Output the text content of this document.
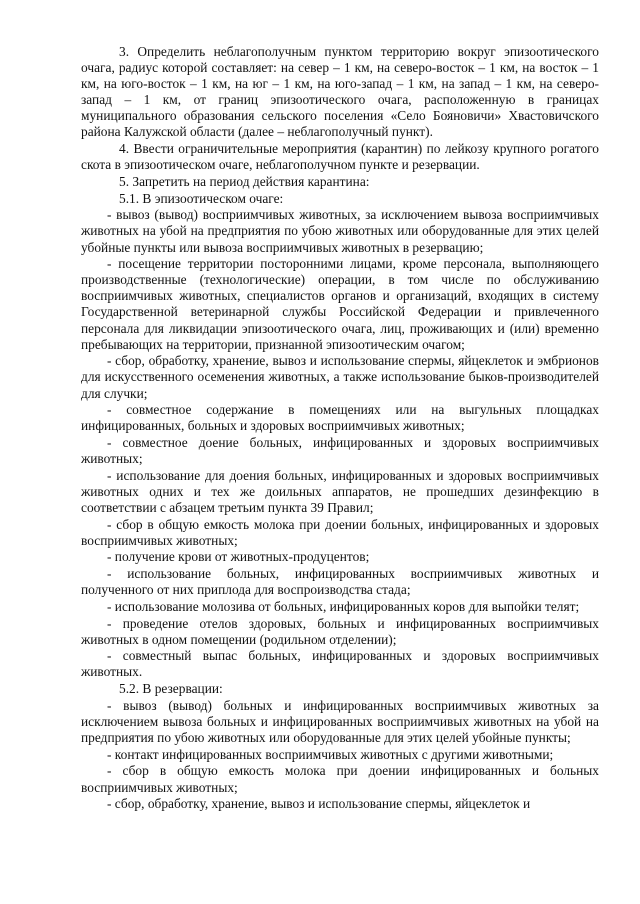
3. Определить неблагополучным пунктом территорию вокруг эпизоотического очага, радиус которой составляет: на север – 1 км, на северо-восток – 1 км, на восток – 1 км, на юго-восток – 1 км, на юг – 1 км, на юго-запад – 1 км, на запад – 1 км, на северо-запад – 1 км, от границ эпизоотического очага, расположенную в границах муниципального образования сельского поселения «Село Бояновичи» Хвастовичского района Калужской области (далее – неблагополучный пункт).

4. Ввести ограничительные мероприятия (карантин) по лейкозу крупного рогатого скота в эпизоотическом очаге, неблагополучном пункте и резервации.

5. Запретить на период действия карантина:

5.1. В эпизоотическом очаге:

- вывоз (вывод) восприимчивых животных, за исключением вывоза восприимчивых животных на убой на предприятия по убою животных или оборудованные для этих целей убойные пункты или вывоза восприимчивых животных в резервацию;

- посещение территории посторонними лицами, кроме персонала, выполняющего производственные (технологические) операции, в том числе по обслуживанию восприимчивых животных, специалистов органов и организаций, входящих в систему Государственной ветеринарной службы Российской Федерации и привлеченного персонала для ликвидации эпизоотического очага, лиц, проживающих и (или) временно пребывающих на территории, признанной эпизоотическим очагом;

- сбор, обработку, хранение, вывоз и использование спермы, яйцеклеток и эмбрионов для искусственного осеменения животных, а также использование быков-производителей для случки;

- совместное содержание в помещениях или на выгульных площадках инфицированных, больных и здоровых восприимчивых животных;

- совместное доение больных, инфицированных и здоровых восприимчивых животных;

- использование для доения больных, инфицированных и здоровых восприимчивых животных одних и тех же доильных аппаратов, не прошедших дезинфекцию в соответствии с абзацем третьим пункта 39 Правил;

- сбор в общую емкость молока при доении больных, инфицированных и здоровых восприимчивых животных;

- получение крови от животных-продуцентов;

- использование больных, инфицированных восприимчивых животных и полученного от них приплода для воспроизводства стада;

- использование молозива от больных, инфицированных коров для выпойки телят;

- проведение отелов здоровых, больных и инфицированных восприимчивых животных в одном помещении (родильном отделении);

- совместный выпас больных, инфицированных и здоровых восприимчивых животных.

5.2. В резервации:

- вывоз (вывод) больных и инфицированных восприимчивых животных за исключением вывоза больных и инфицированных восприимчивых животных на убой на предприятия по убою животных или оборудованные для этих целей убойные пункты;

- контакт инфицированных восприимчивых животных с другими животными;

- сбор в общую емкость молока при доении инфицированных и больных восприимчивых животных;

- сбор, обработку, хранение, вывоз и использование спермы, яйцеклеток и
